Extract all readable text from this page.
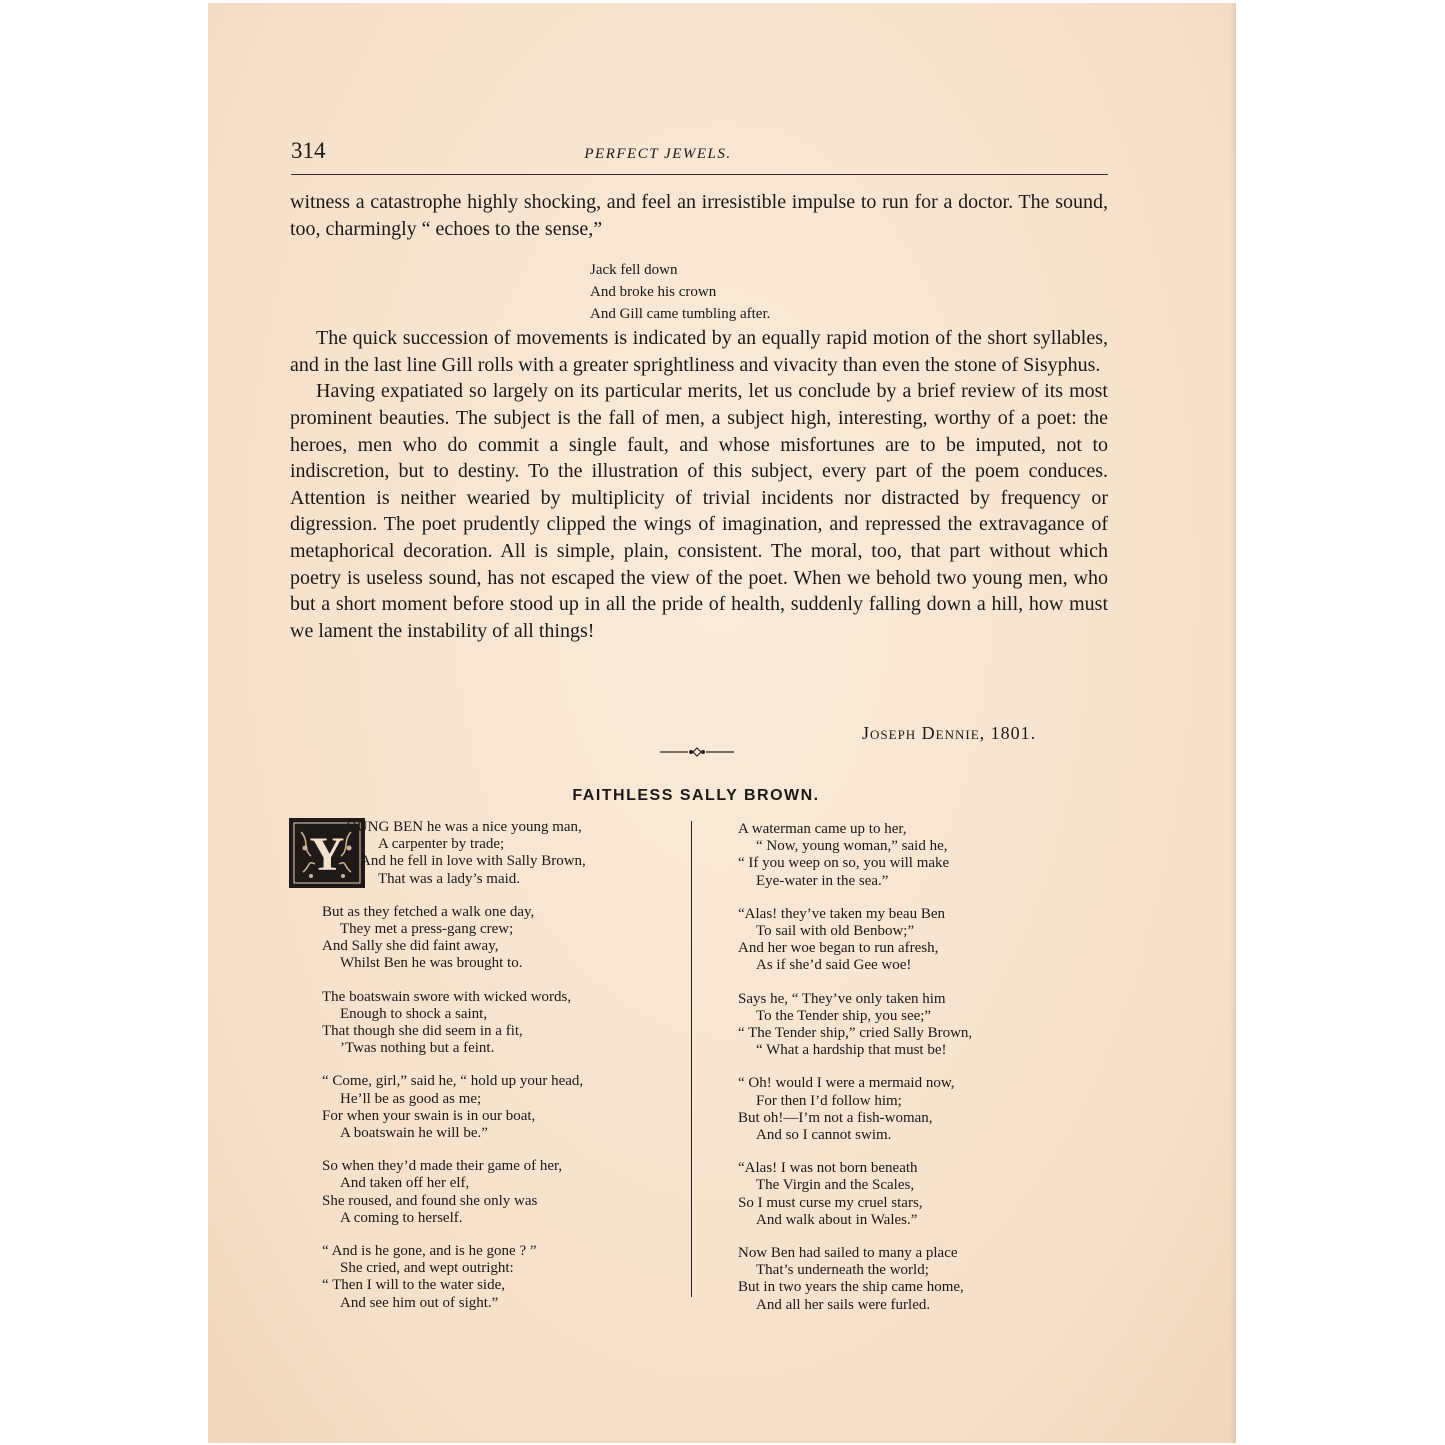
314	PERFECT JEWELS.

witness a catastrophe highly shocking, and feel an irresistible impulse to run for a doctor. The sound, too, charmingly “ echoes to the sense,”

The quick succession of movements is indicated by an equally rapid motion of the short syllables, and in the last line Gill rolls with a greater sprightliness and vivacity than even the stone of Sisyphus.

Having expatiated so largely on its particular merits, let us conclude by a brief review of its most prominent beauties. The subject is the fall of men, a subject high, interesting, worthy of a poet: the heroes, men who do commit a single fault, and whose misfortunes are to be imputed, not to indiscretion, but to destiny. To the illustration of this subject, every part of the poem conduces. Attention is neither wearied by multiplicity of trivial incidents nor distracted by frequency or digression. The poet prudently clipped the wings of imagination, and repressed the extravagance of metaphorical decoration. All is simple, plain, consistent. The moral, too, that part without which poetry is useless sound, has not escaped the view of the poet. When we behold two young men, who but a short moment before stood up in all the pride of health, suddenly falling down a hill, how must we lament the instability of all things!

Jack fell down
And broke his crown
And Gill came tumbling after.
Joseph Dennie, 1801.
FAITHLESS SALLY BROWN.
Y
OUNG BEN he was a nice young man,
A carpenter by trade;
And he fell in love with Sally Brown,
That was a lady’s maid.
But as they fetched a walk one day,
They met a press-gang crew;
And Sally she did faint away,
Whilst Ben he was brought to.
The boatswain swore with wicked words,
Enough to shock a saint,
That though she did seem in a fit,
’Twas nothing but a feint.
“ Come, girl,” said he, “ hold up your head,
He’ll be as good as me;
For when your swain is in our boat,
A boatswain he will be.”
So when they’d made their game of her,
And taken off her elf,
She roused, and found she only was
A coming to herself.
“ And is he gone, and is he gone ? ”
She cried, and wept outright:
“ Then I will to the water side,
And see him out of sight.”
A waterman came up to her,
“ Now, young woman,” said he,
“ If you weep on so, you will make
Eye-water in the sea.”
“Alas! they’ve taken my beau Ben
To sail with old Benbow;”
And her woe began to run afresh,
As if she’d said Gee woe!
Says he, “ They’ve only taken him
To the Tender ship, you see;”
“ The Tender ship,” cried Sally Brown,
“ What a hardship that must be!
“ Oh! would I were a mermaid now,
For then I’d follow him;
But oh!—I’m not a fish-woman,
And so I cannot swim.
“Alas! I was not born beneath
The Virgin and the Scales,
So I must curse my cruel stars,
And walk about in Wales.”
Now Ben had sailed to many a place
That’s underneath the world;
But in two years the ship came home,
And all her sails were furled.
